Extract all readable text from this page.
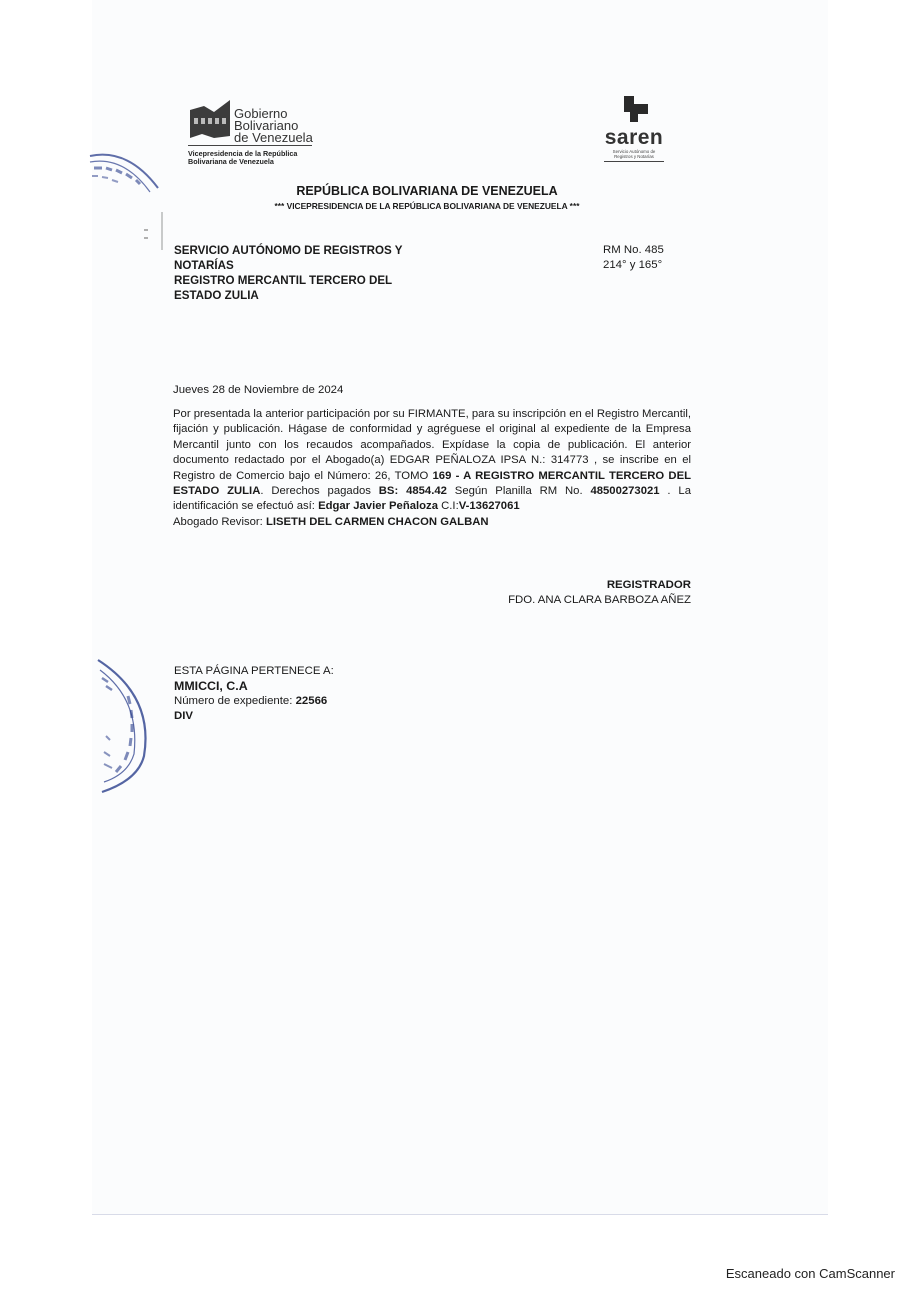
Gobierno
Bolivariano
de Venezuela
Vicepresidencia de la República
Bolivariana de Venezuela
saren
Servicio Autónomo de
Registros y Notarías
REPÚBLICA BOLIVARIANA DE VENEZUELA
*** VICEPRESIDENCIA DE LA REPÚBLICA BOLIVARIANA DE VENEZUELA ***
SERVICIO AUTÓNOMO DE REGISTROS Y
NOTARÍAS
REGISTRO MERCANTIL TERCERO DEL
ESTADO ZULIA
RM No. 485
214° y 165°
Jueves 28 de Noviembre de 2024
Por presentada la anterior participación por su FIRMANTE, para su inscripción en el Registro Mercantil, fijación y publicación. Hágase de conformidad y agréguese el original al expediente de la Empresa Mercantil junto con los recaudos acompañados. Expídase la copia de publicación. El anterior documento redactado por el Abogado(a) EDGAR PEÑALOZA IPSA N.: 314773 , se inscribe en el Registro de Comercio bajo el Número: 26, TOMO 169 - A REGISTRO MERCANTIL TERCERO DEL ESTADO ZULIA. Derechos pagados BS: 4854.42 Según Planilla RM No. 48500273021 . La identificación se efectuó así: Edgar Javier Peñaloza C.I:V-13627061
Abogado Revisor: LISETH DEL CARMEN CHACON GALBAN
REGISTRADOR
FDO. ANA CLARA BARBOZA AÑEZ
ESTA PÁGINA PERTENECE A:
MMICCI, C.A
Número de expediente: 22566
DIV
Escaneado con CamScanner
